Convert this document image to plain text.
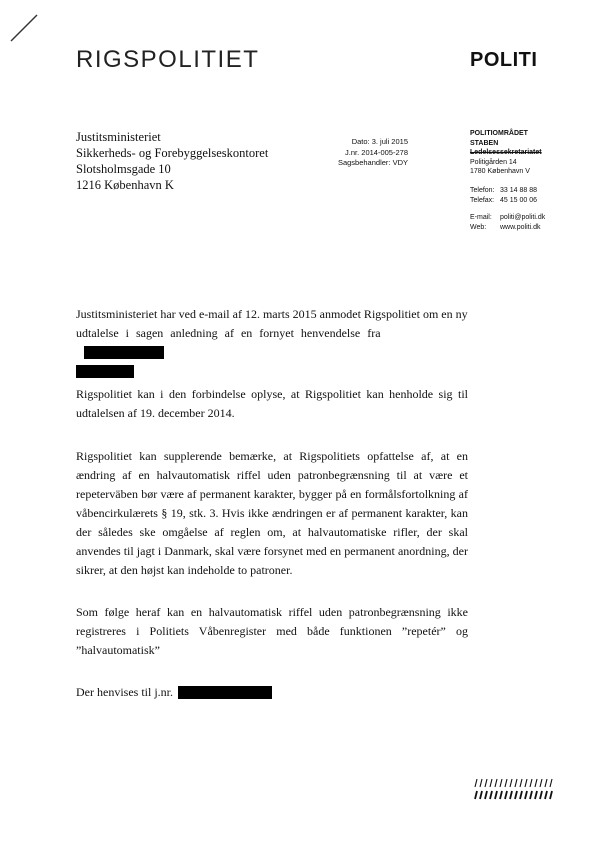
RIGSPOLITIET	POLITI
Justitsministeriet
Sikkerheds- og Forebyggelseskontoret
Slotsholmsgade 10
1216 København K
Dato: 3. juli 2015
J.nr. 2014-005-278
Sagsbehandler: VDY
POLITIOMRÅDET
STABEN
Ledelsessekretariatet
Politigården 14
1780 København V
Telefon: 33 14 88 88
Telefax: 45 15 00 06
E-mail:	politi@politi.dk
Web:	www.politi.dk
Justitsministeriet har ved e-mail af 12. marts 2015 anmodet Rigspolitiet om en ny
udtalelse i sagen anledning af en fornyet henvendelse fra
Rigspolitiet kan i den forbindelse oplyse, at Rigspolitiet kan henholde sig til udtalelsen af 19. december 2014.
Rigspolitiet kan supplerende bemærke, at Rigspolitiets opfattelse af, at en ændring af en halvautomatisk riffel uden patronbegrænsning til at være et repeterväben bør være af permanent karakter, bygger på en formålsfortolkning af våbencirkulærets § 19, stk. 3. Hvis ikke ændringen er af permanent karakter, kan der således ske omgåelse af reglen om, at halvautomatiske rifler, der skal anvendes til jagt i Danmark, skal være forsynet med en permanent anordning, der sikrer, at den højst kan indeholde to patroner.
Som følge heraf kan en halvautomatisk riffel uden patronbegrænsning ikke registreres i Politiets Våbenregister med både funktionen ”repetér” og ”halvautomatisk”
Der henvises til j.nr.
